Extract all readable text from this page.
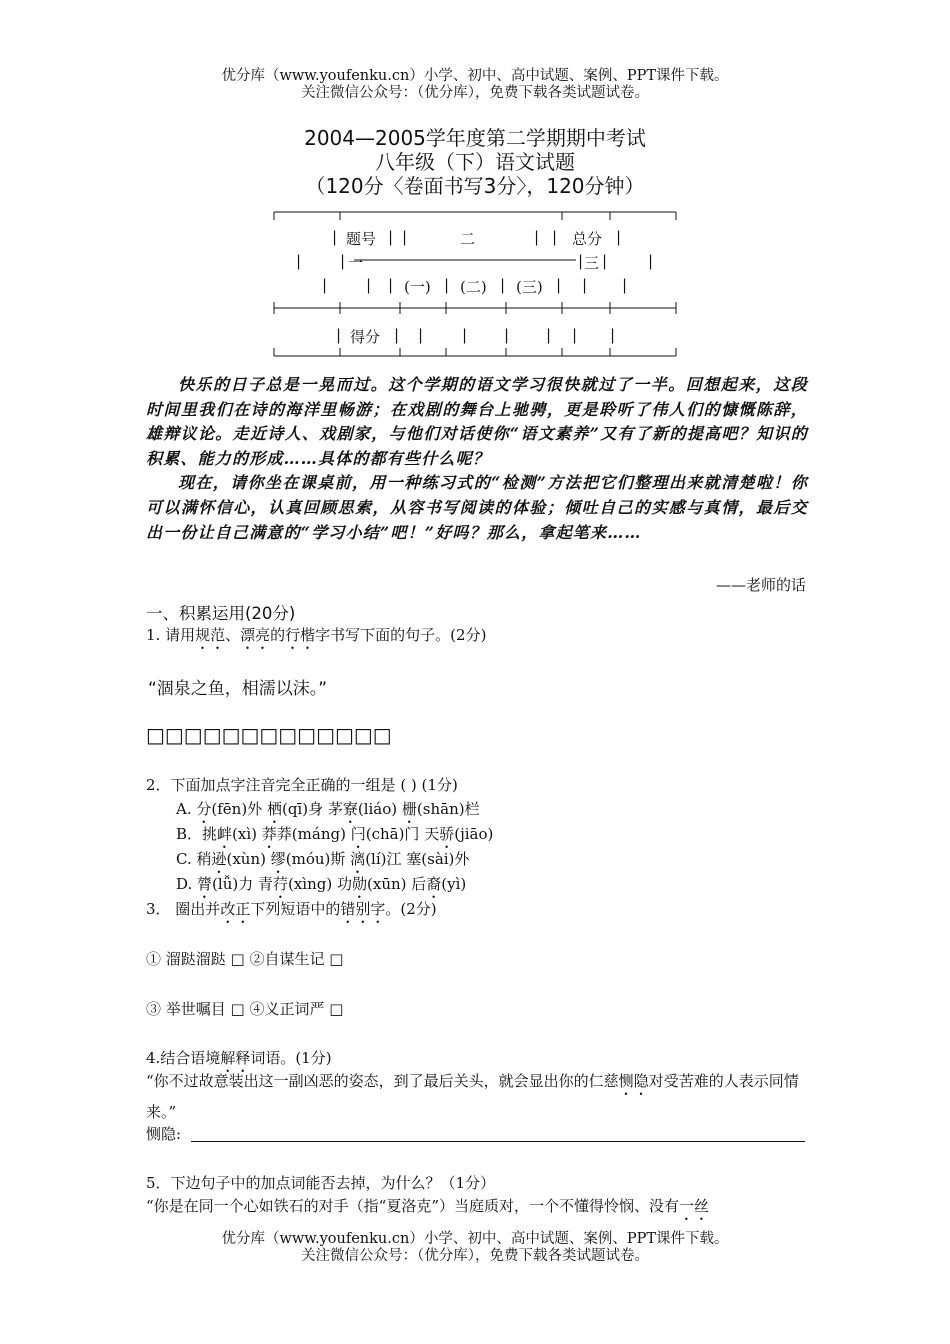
优分库（www.youfenku.cn）小学、初中、高中试题、案例、PPT课件下载。
关注微信公众号：（优分库），免费下载各类试题试卷。
2004—2005学年度第二学期期中考试
八年级（下）语文试题
（120分〈卷面书写3分〉，120分钟）
| 题号 | |	二	| | 总分 |
|	| 一	| 三 |	|
|	| | (一) | (二) | (三) | | |
| 得分 | |	| | | | |

快乐的日子总是一晃而过。这个学期的语文学习很快就过了一半。回想起来，这段时间里我们在诗的海洋里畅游；在戏剧的舞台上驰骋，更是聆听了伟人们的慷慨陈辞，雄辩议论。走近诗人、戏剧家，与他们对话使你“语文素养”又有了新的提高吧？知识的积累、能力的形成……具体的都有些什么呢？

现在，请你坐在课桌前，用一种练习式的“检测”方法把它们整理出来就清楚啦！你可以满怀信心，认真回顾思索，从容书写阅读的体验；倾吐自己的实感与真情，最后交出一份让自己满意的“学习小结”吧！”好吗？那么，拿起笔来……

——老师的话
一、积累运用(20分)
1. 请用规范、漂亮的行楷字书写下面的句子。(2分)
“涸泉之鱼，相濡以沫。”
□□□□□□□□□□□□□
2．下面加点字注音完全正确的一组是 ( ) (1分)
A. 分(fēn)外 栖(qī)身 茅寮(liáo) 栅(shān)栏
B．挑衅(xì) 莽莽(máng) 闩(chā)门 天骄(jiāo)
C. 稍逊(xùn) 缪(móu)斯 漓(lí)江 塞(sài)外
D. 膂(lǚ)力 青荇(xìng) 功勋(xūn) 后裔(yì)
3． 圈出并改正下列短语中的错别字。(2分)
① 溜跶溜跶 □ ②自谋生记 □
③ 举世嘱目 □ ④义正词严 □
4.结合语境解释词语。(1分)
“你不过故意装出这一副凶恶的姿态，到了最后关头，就会显出你的仁慈恻隐对受苦难的人表示同情来。”
恻隐:
5．下边句子中的加点词能否去掉，为什么？（1分）
“你是在同一个心如铁石的对手（指“夏洛克”）当庭质对，一个不懂得怜悯、没有一丝
优分库（www.youfenku.cn）小学、初中、高中试题、案例、PPT课件下载。
关注微信公众号：（优分库），免费下载各类试题试卷。
